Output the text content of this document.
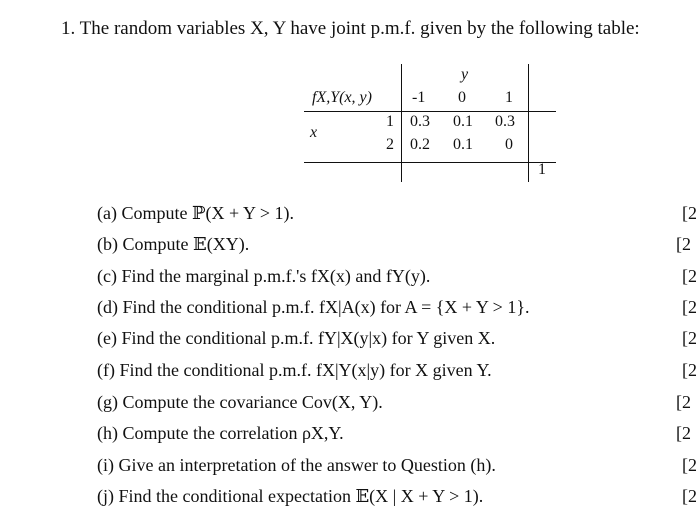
1. The random variables X, Y have joint p.m.f. given by the following table:
y
fX,Y(x, y)	-1 0 1
x
1 0.3 0.1 0.3
2 0.2 0.1 0
1
(a) Compute ℙ(X + Y > 1).	[2
(b) Compute 𝔼(XY).	[2
(c) Find the marginal p.m.f.'s fX(x) and fY(y).	[2
(d) Find the conditional p.m.f. fX|A(x) for A = {X + Y > 1}.	[2
(e) Find the conditional p.m.f. fY|X(y|x) for Y given X.	[2
(f) Find the conditional p.m.f. fX|Y(x|y) for X given Y.	[2
(g) Compute the covariance Cov(X, Y).	[2
(h) Compute the correlation ρX,Y.	[2
(i) Give an interpretation of the answer to Question (h).	[2
(j) Find the conditional expectation 𝔼(X | X + Y > 1).	[2
